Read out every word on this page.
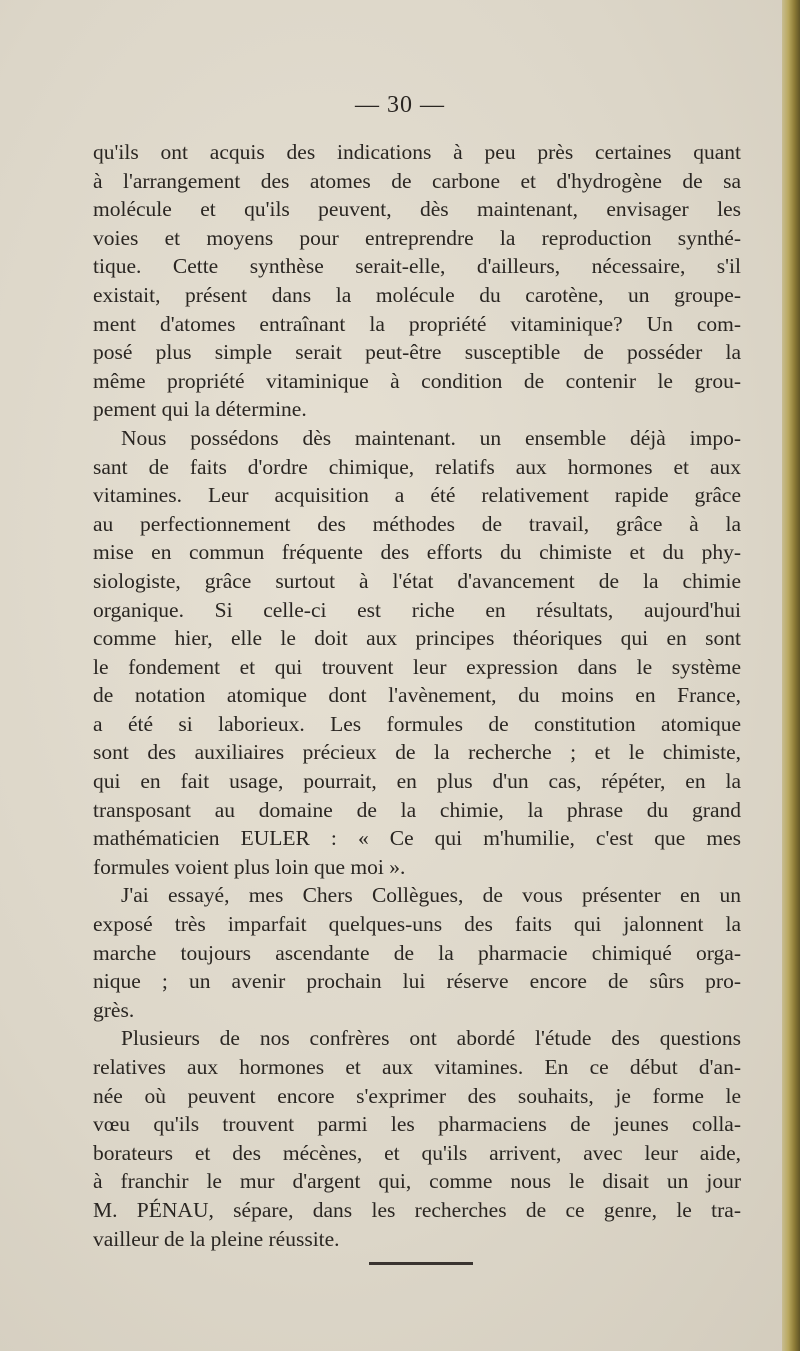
— 30 —
qu'ils ont acquis des indications à peu près certaines quant
à l'arrangement des atomes de carbone et d'hydrogène de sa
molécule et qu'ils peuvent, dès maintenant, envisager les
voies et moyens pour entreprendre la reproduction synthé-
tique. Cette synthèse serait-elle, d'ailleurs, nécessaire, s'il
existait, présent dans la molécule du carotène, un groupe-
ment d'atomes entraînant la propriété vitaminique? Un com-
posé plus simple serait peut-être susceptible de posséder la
même propriété vitaminique à condition de contenir le grou-
pement qui la détermine.
Nous possédons dès maintenant. un ensemble déjà impo-
sant de faits d'ordre chimique, relatifs aux hormones et aux
vitamines. Leur acquisition a été relativement rapide grâce
au perfectionnement des méthodes de travail, grâce à la
mise en commun fréquente des efforts du chimiste et du phy-
siologiste, grâce surtout à l'état d'avancement de la chimie
organique. Si celle-ci est riche en résultats, aujourd'hui
comme hier, elle le doit aux principes théoriques qui en sont
le fondement et qui trouvent leur expression dans le système
de notation atomique dont l'avènement, du moins en France,
a été si laborieux. Les formules de constitution atomique
sont des auxiliaires précieux de la recherche ; et le chimiste,
qui en fait usage, pourrait, en plus d'un cas, répéter, en la
transposant au domaine de la chimie, la phrase du grand
mathématicien EULER : « Ce qui m'humilie, c'est que mes
formules voient plus loin que moi ».
J'ai essayé, mes Chers Collègues, de vous présenter en un
exposé très imparfait quelques-uns des faits qui jalonnent la
marche toujours ascendante de la pharmacie chimiqué orga-
nique ; un avenir prochain lui réserve encore de sûrs pro-
grès.
Plusieurs de nos confrères ont abordé l'étude des questions
relatives aux hormones et aux vitamines. En ce début d'an-
née où peuvent encore s'exprimer des souhaits, je forme le
vœu qu'ils trouvent parmi les pharmaciens de jeunes colla-
borateurs et des mécènes, et qu'ils arrivent, avec leur aide,
à franchir le mur d'argent qui, comme nous le disait un jour
M. PÉNAU, sépare, dans les recherches de ce genre, le tra-
vailleur de la pleine réussite.
